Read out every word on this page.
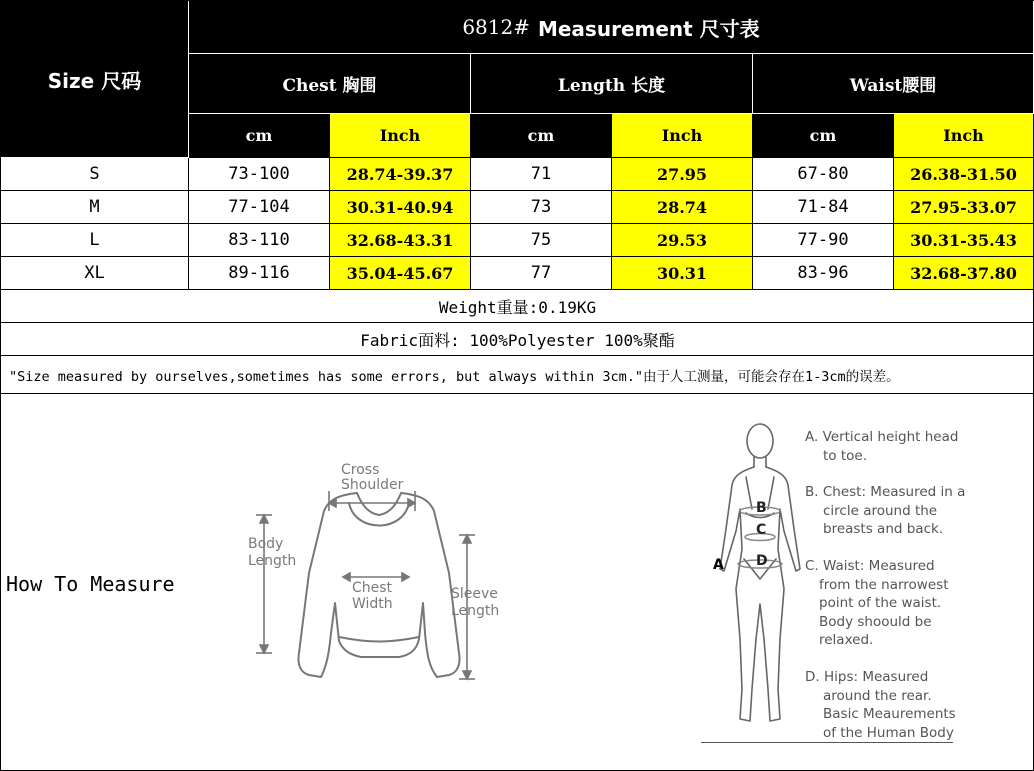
Size 尺码
6812# Measurement 尺寸表
Chest 胸围	Length 长度	Waist腰围
cm	Inch	cm	Inch	cm	Inch
S	73-100	28.74-39.37	71	27.95	67-80	26.38-31.50
M	77-104	30.31-40.94	73	28.74	71-84	27.95-33.07
L	83-110	32.68-43.31	75	29.53	77-90	30.31-35.43
XL	89-116	35.04-45.67	77	30.31	83-96	32.68-37.80
Weight重量:0.19KG
Fabric面料: 100%Polyester 100%聚酯
"Size measured by ourselves,sometimes has some errors, but always within 3cm."由于人工测量，可能会存在1-3cm的误差。
How To Measure
Cross
Shoulder
Body
Length
Chest
Width
Sleeve
Length
B
C
D
A
A. Vertical height head
to toe.
B. Chest: Measured in a
circle around the
breasts and back.
C. Waist: Measured
from the narrowest
point of the waist.
Body shoould be
relaxed.
D. Hips: Measured
around the rear.
Basic Meaurements
of the Human Body
